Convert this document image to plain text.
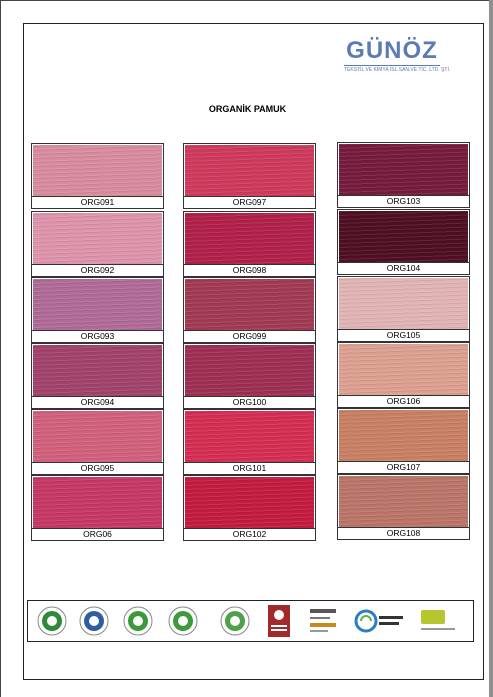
GÜNÖZ
TEKSTİL VE KİMYA İSL.SAN.VE TİC. LTD. ŞTİ.
ORGANİK PAMUK
ORG091
ORG092
ORG093
ORG094
ORG095
ORG06
ORG097
ORG098
ORG099
ORG100
ORG101
ORG102
ORG103
ORG104
ORG105
ORG106
ORG107
ORG108
